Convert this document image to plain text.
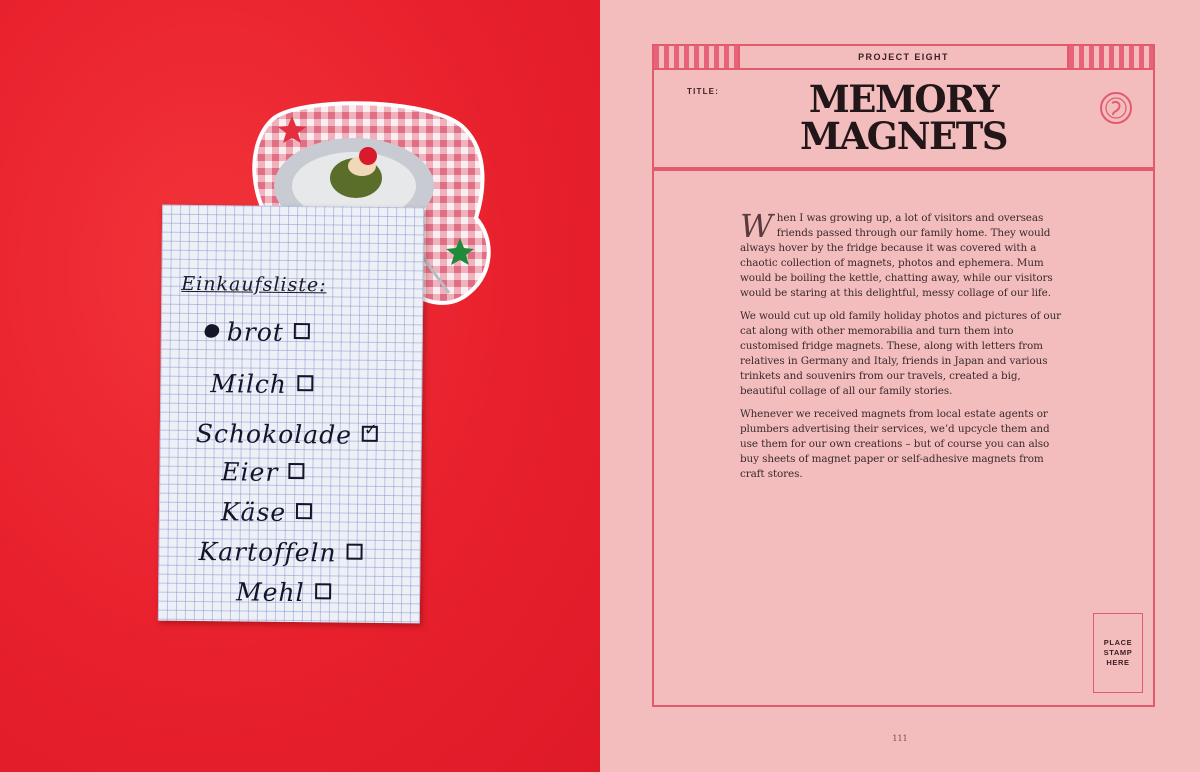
Einkaufsliste:
brot
Milch
Schokolade✓
Eier
Käse
Kartoffeln
Mehl
PROJECT EIGHT
TITLE:	MEMORY
MAGNETS

When I was growing up, a lot of visitors and overseas friends passed through our family home. They would always hover by the fridge because it was covered with a chaotic collection of magnets, photos and ephemera. Mum would be boiling the kettle, chatting away, while our visitors would be staring at this delightful, messy collage of our life.

We would cut up old family holiday photos and pictures of our cat along with other memorabilia and turn them into customised fridge magnets. These, along with letters from relatives in Germany and Italy, friends in Japan and various trinkets and souvenirs from our travels, created a big, beautiful collage of all our family stories.

Whenever we received magnets from local estate agents or plumbers advertising their services, we’d upcycle them and use them for our own creations – but of course you can also buy sheets of magnet paper or self-adhesive magnets from craft stores.

PLACE
STAMP
HERE
111
